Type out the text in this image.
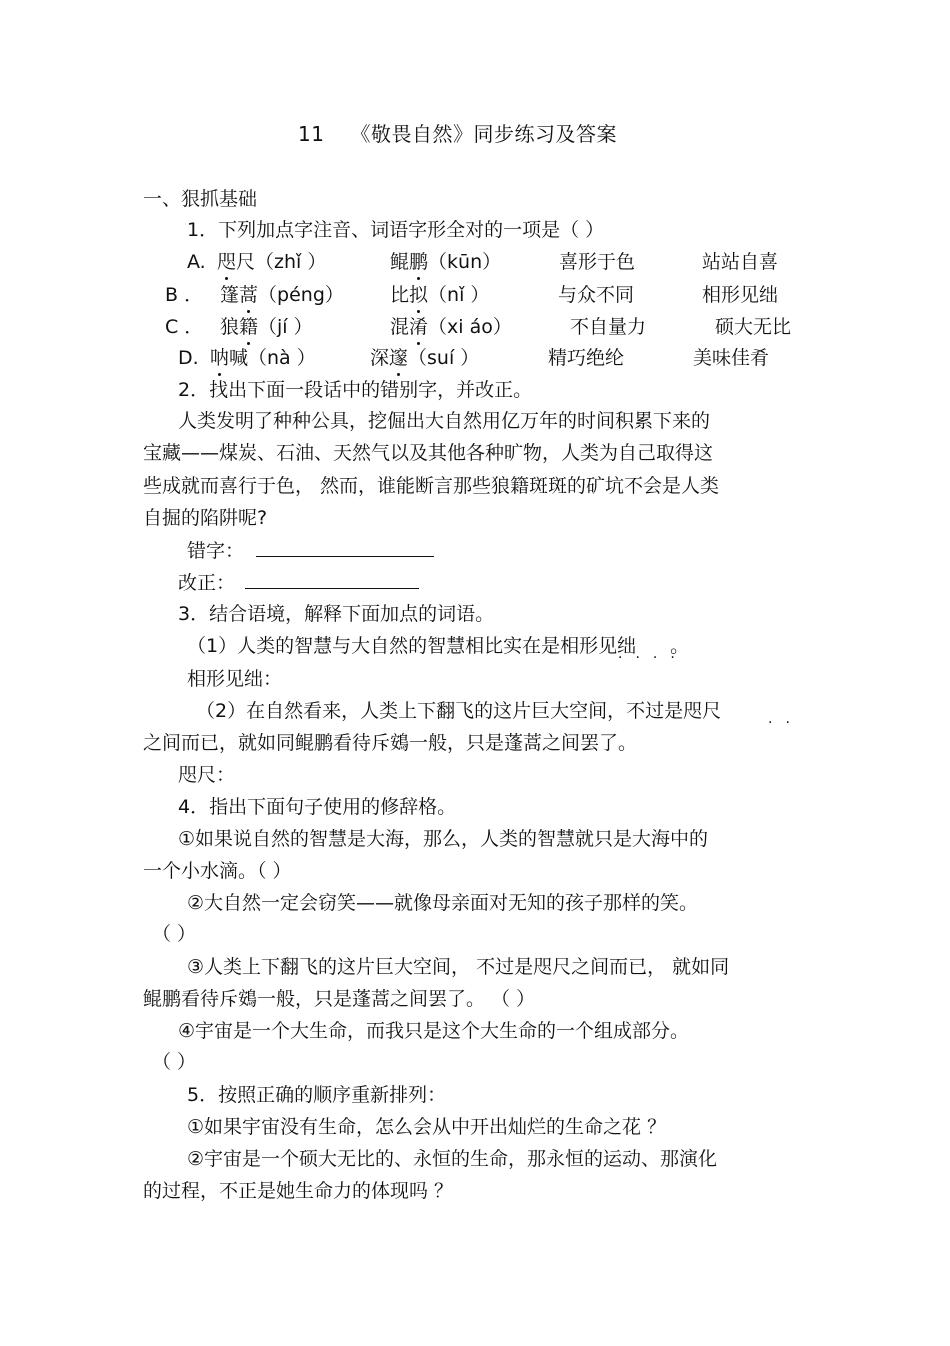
11 《敬畏自然》同步练习及答案
一、狠抓基础
1．下列加点字注音、词语字形全对的一项是（ ）
A. 咫尺（zhǐ ）	鲲鹏（kūn）	喜形于色	站站自喜
B ． 篷蒿（péng） 比拟（nǐ ）	与众不同	相形见绌
C ． 狼籍（jí ）	混淆（xi áo）	不自量力	硕大无比
D. 呐喊（nà ）	深邃（suí ）	精巧绝纶	美味佳肴
2．找出下面一段话中的错别字，并改正。
人类发明了种种公具，挖倔出大自然用亿万年的时间积累下来的
宝藏——煤炭、石油、天然气以及其他各种旷物，人类为自己取得这
些成就而喜行于色， 然而，谁能断言那些狼籍斑斑的矿坑不会是人类
自掘的陷阱呢?
错字：
改正：
3．结合语境，解释下面加点的词语。
（1）人类的智慧与大自然的智慧相比实在是相形见绌 。
····
相形见绌：
（2）在自然看来，人类上下翻飞的这片巨大空间，不过是咫尺
··
之间而已，就如同鲲鹏看待斥鴳一般，只是蓬蒿之间罢了。
咫尺：
4．指出下面句子使用的修辞格。
①如果说自然的智慧是大海，那么，人类的智慧就只是大海中的
一个小水滴。（ ）
②大自然一定会窃笑——就像母亲面对无知的孩子那样的笑。
（ ）
③人类上下翻飞的这片巨大空间， 不过是咫尺之间而已， 就如同
鲲鹏看待斥鴳一般，只是蓬蒿之间罢了。 （ ）
④宇宙是一个大生命，而我只是这个大生命的一个组成部分。
（ ）
5．按照正确的顺序重新排列：
①如果宇宙没有生命，怎么会从中开出灿烂的生命之花 ？
②宇宙是一个硕大无比的、永恒的生命，那永恒的运动、那演化
的过程，不正是她生命力的体现吗 ？
